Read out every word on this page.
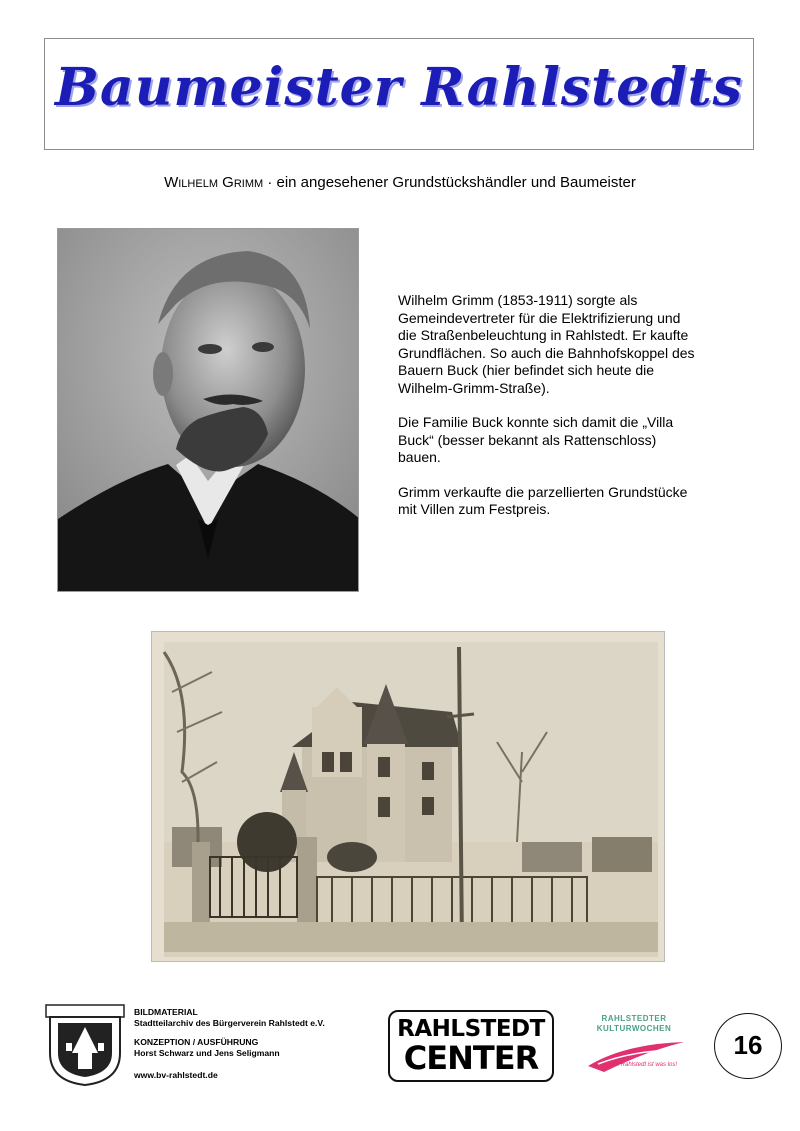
Baumeister Rahlstedts
Wilhelm Grimm · ein angesehener Grundstückshändler und Baumeister

Wilhelm Grimm (1853-1911) sorgte als Gemeindevertreter für die Elektrifizierung und die Straßenbeleuchtung in Rahlstedt. Er kaufte Grundflächen. So auch die Bahnhofskoppel des Bauern Buck (hier befindet sich heute die Wilhelm-Grimm-Straße).

Die Familie Buck konnte sich damit die „Villa Buck“ (besser bekannt als Rattenschloss) bauen.

Grimm verkaufte die parzellierten Grundstücke mit Villen zum Festpreis.

BILDMATERIAL
Stadtteilarchiv des Bürgerverein Rahlstedt e.V.
KONZEPTION / AUSFÜHRUNG
Horst Schwarz und Jens Seligmann
www.bv-rahlstedt.de
RAHLSTEDT
CENTER
RAHLSTEDTER
KULTURWOCHEN
In Rahlstedt ist was los!
16
